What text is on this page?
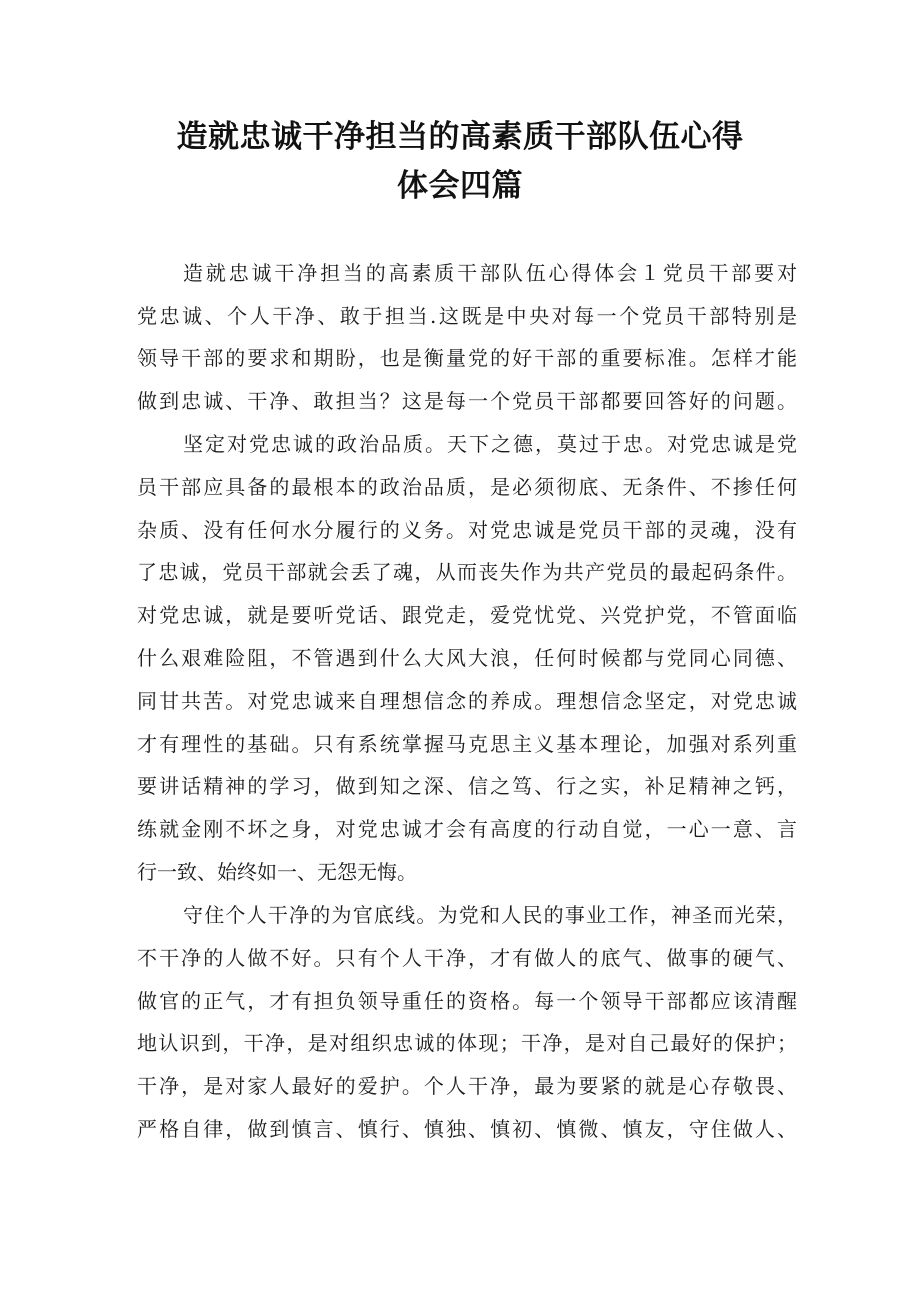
造就忠诚干净担当的高素质干部队伍心得
体会四篇

造就忠诚干净担当的高素质干部队伍心得体会１党员干部要对

党忠诚、个人干净、敢于担当.这既是中央对每一个党员干部特别是

领导干部的要求和期盼，也是衡量党的好干部的重要标准。怎样才能

做到忠诚、干净、敢担当？这是每一个党员干部都要回答好的问题。

坚定对党忠诚的政治品质。天下之德，莫过于忠。对党忠诚是党

员干部应具备的最根本的政治品质，是必须彻底、无条件、不掺任何

杂质、没有任何水分履行的义务。对党忠诚是党员干部的灵魂，没有

了忠诚，党员干部就会丢了魂，从而丧失作为共产党员的最起码条件。

对党忠诚，就是要听党话、跟党走，爱党忧党、兴党护党，不管面临

什么艰难险阻，不管遇到什么大风大浪，任何时候都与党同心同德、

同甘共苦。对党忠诚来自理想信念的养成。理想信念坚定，对党忠诚

才有理性的基础。只有系统掌握马克思主义基本理论，加强对系列重

要讲话精神的学习，做到知之深、信之笃、行之实，补足精神之钙，

练就金刚不坏之身，对党忠诚才会有高度的行动自觉，一心一意、言

行一致、始终如一、无怨无悔。

守住个人干净的为官底线。为党和人民的事业工作，神圣而光荣，

不干净的人做不好。只有个人干净，才有做人的底气、做事的硬气、

做官的正气，才有担负领导重任的资格。每一个领导干部都应该清醒

地认识到，干净，是对组织忠诚的体现；干净，是对自己最好的保护；

干净，是对家人最好的爱护。个人干净，最为要紧的就是心存敬畏、

严格自律，做到慎言、慎行、慎独、慎初、慎微、慎友，守住做人、
